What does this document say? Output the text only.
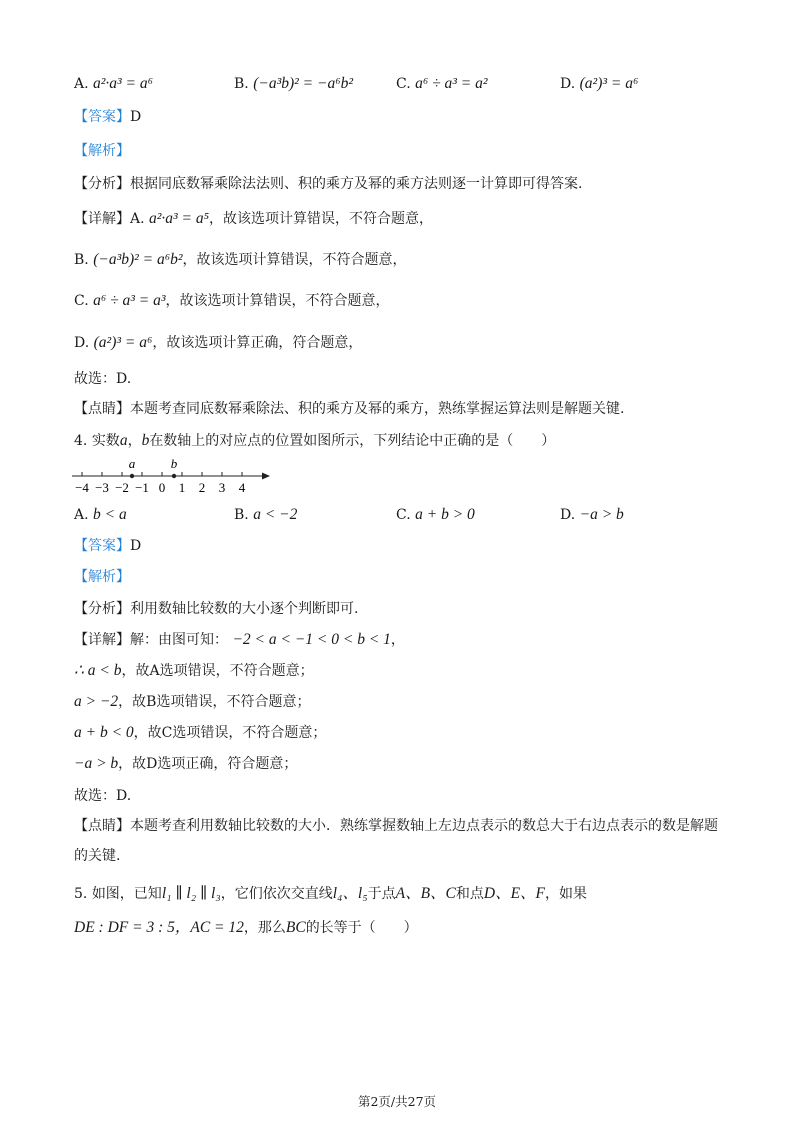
A. a²·a³ = a⁶	B. (−a³b)² = −a⁶b²	C. a⁶ ÷ a³ = a²	D. (a²)³ = a⁶
【答案】D
【解析】
【分析】根据同底数幂乘除法法则、积的乘方及幂的乘方法则逐一计算即可得答案.
【详解】A. a²·a³ = a⁵，故该选项计算错误，不符合题意，
B. (−a³b)² = a⁶b²，故该选项计算错误，不符合题意，
C. a⁶ ÷ a³ = a³，故该选项计算错误，不符合题意，
D. (a²)³ = a⁶，故该选项计算正确，符合题意，
故选：D.
【点睛】本题考查同底数幂乘除法、积的乘方及幂的乘方，熟练掌握运算法则是解题关键.
4. 实数a，b在数轴上的对应点的位置如图所示，下列结论中正确的是（　　）
−4 −3 −2 −1 0 1 2 3 4
a	b
A. b < a	B. a < −2	C. a + b > 0	D. −a > b
【答案】D
【解析】
【分析】利用数轴比较数的大小逐个判断即可.
【详解】解：由图可知： −2 < a < −1 < 0 < b < 1，
∴ a < b，故A选项错误，不符合题意；
a > −2，故B选项错误，不符合题意；
a + b < 0，故C选项错误，不符合题意；
−a > b，故D选项正确，符合题意；
故选：D.
【点睛】本题考查利用数轴比较数的大小．熟练掌握数轴上左边点表示的数总大于右边点表示的数是解题的关键.
5. 如图，已知l₁ ∥ l₂ ∥ l₃，它们依次交直线l₄、l₅于点A、B、C和点D、E、F，如果
DE : DF = 3 : 5，AC = 12，那么BC的长等于（　　）
第2页/共27页
